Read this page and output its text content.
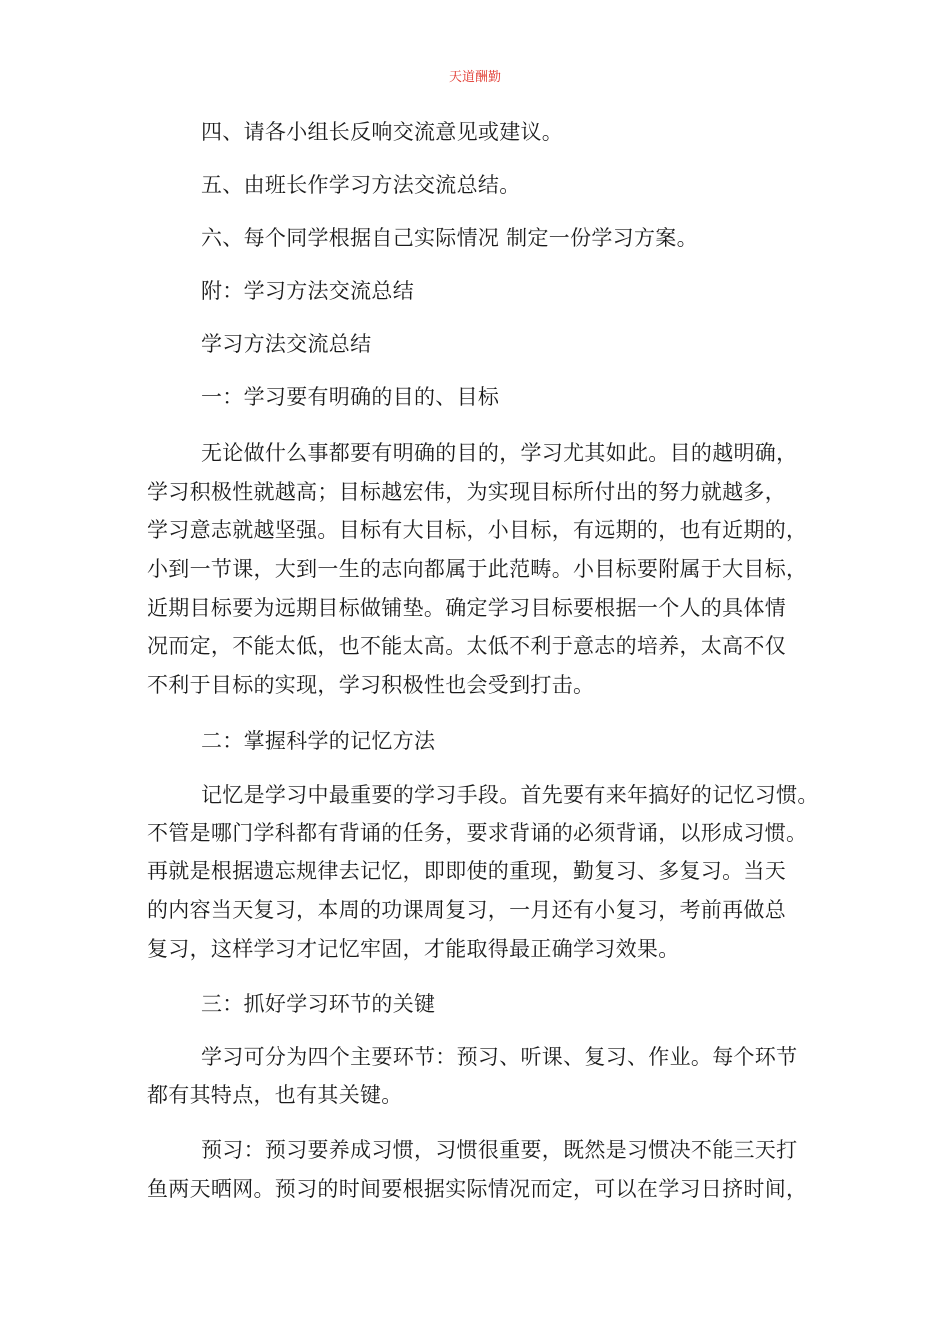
天道酬勤
四、请各小组长反响交流意见或建议。
五、由班长作学习方法交流总结。
六、每个同学根据自己实际情况 制定一份学习方案。
附：学习方法交流总结
学习方法交流总结
一：学习要有明确的目的、目标
无论做什么事都要有明确的目的，学习尤其如此。目的越明确，
学习积极性就越高；目标越宏伟，为实现目标所付出的努力就越多，
学习意志就越坚强。目标有大目标，小目标，有远期的，也有近期的，
小到一节课，大到一生的志向都属于此范畴。小目标要附属于大目标，
近期目标要为远期目标做铺垫。确定学习目标要根据一个人的具体情
况而定，不能太低，也不能太高。太低不利于意志的培养，太高不仅
不利于目标的实现，学习积极性也会受到打击。
二：掌握科学的记忆方法
记忆是学习中最重要的学习手段。首先要有来年搞好的记忆习惯。
不管是哪门学科都有背诵的任务，要求背诵的必须背诵，以形成习惯。
再就是根据遗忘规律去记忆，即即使的重现，勤复习、多复习。当天
的内容当天复习，本周的功课周复习，一月还有小复习，考前再做总
复习，这样学习才记忆牢固，才能取得最正确学习效果。
三：抓好学习环节的关键
学习可分为四个主要环节：预习、听课、复习、作业。每个环节
都有其特点，也有其关键。
预习：预习要养成习惯，习惯很重要，既然是习惯决不能三天打
鱼两天晒网。预习的时间要根据实际情况而定，可以在学习日挤时间，
